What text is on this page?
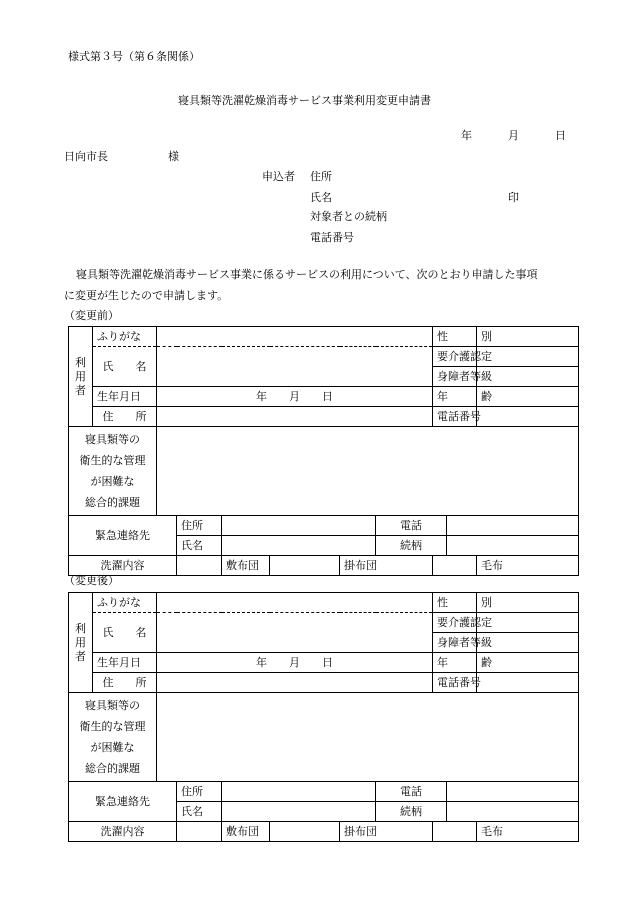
様式第３号（第６条関係）
寝具類等洗濯乾燥消毒サービス事業利用変更申請書
年	月	日
日向市長	様
申込者 住所
氏名	印
対象者との続柄
電話番号
寝具類等洗濯乾燥消毒サービス事業に係るサービスの利用について、次のとおり申請した事項
に変更が生じたので申請します。
（変更前）
利
用
者	ふりがな							性　　　別		
	氏　　名							要介護認定		
								身障者等級		
	生年月日	年　　月　　日						年　　　齢		
	住　　所							電話番号		
寝具類等の
衛生的な管理
が困難な
総合的課題										
緊急連絡先			住所				電話			
			氏名				続柄			
洗濯内容				敷布団		掛布団				毛布
（変更後）
利
用
者	ふりがな							性　　　別		
	氏　　名							要介護認定		
								身障者等級		
	生年月日	年　　月　　日						年　　　齢		
	住　　所							電話番号		
寝具類等の
衛生的な管理
が困難な
総合的課題										
緊急連絡先			住所				電話			
			氏名				続柄			
洗濯内容				敷布団		掛布団				毛布
